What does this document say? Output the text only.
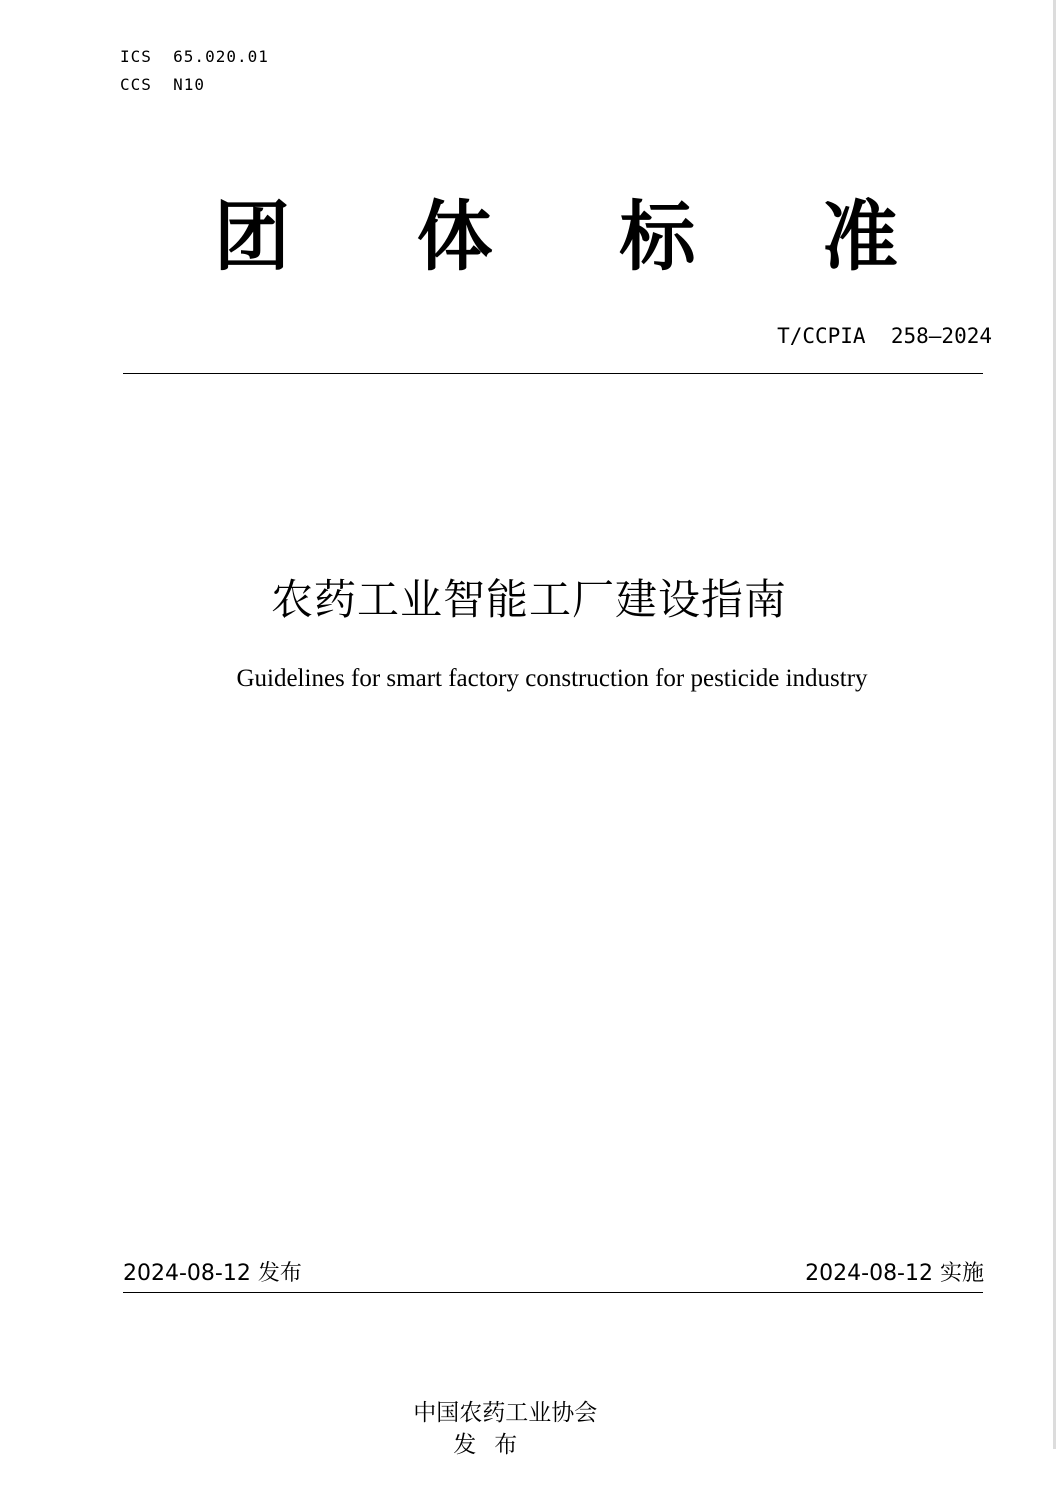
ICS  65.020.01
CCS  N10
团	体	标	准
T/CCPIA  258—2024
农药工业智能工厂建设指南
Guidelines for smart factory construction for pesticide industry
2024-08-12 发布	2024-08-12 实施

中国农药工业协会
发布
